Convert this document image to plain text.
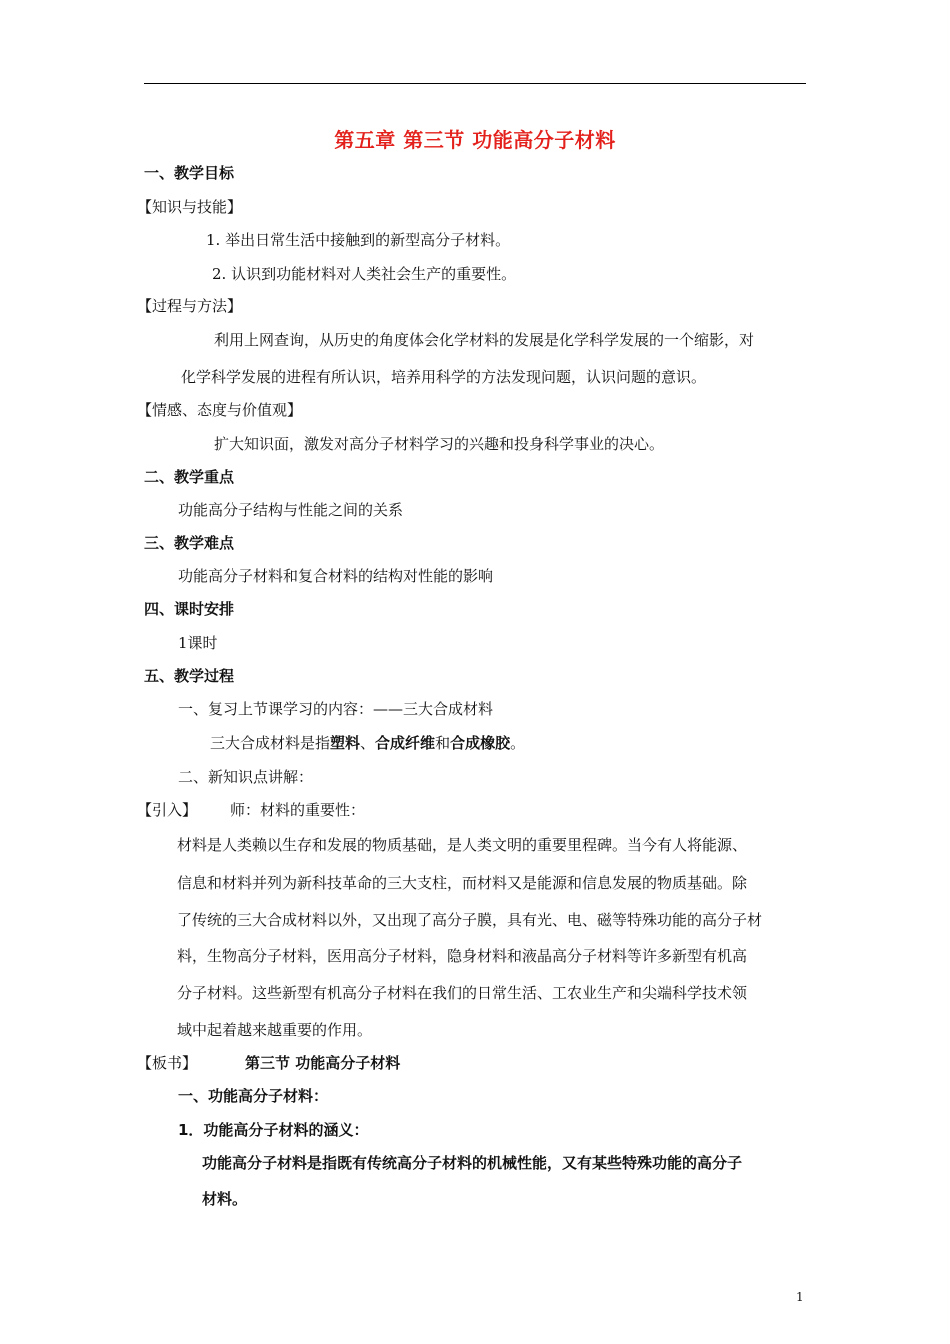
第五章 第三节 功能高分子材料
一、教学目标
【知识与技能】
1. 举出日常生活中接触到的新型高分子材料。
2. 认识到功能材料对人类社会生产的重要性。
【过程与方法】
利用上网查询，从历史的角度体会化学材料的发展是化学科学发展的一个缩影，对
化学科学发展的进程有所认识，培养用科学的方法发现问题，认识问题的意识。
【情感、态度与价值观】
扩大知识面，激发对高分子材料学习的兴趣和投身科学事业的决心。
二、教学重点
功能高分子结构与性能之间的关系
三、教学难点
功能高分子材料和复合材料的结构对性能的影响
四、课时安排
1课时
五、教学过程
一、复习上节课学习的内容：——三大合成材料
三大合成材料是指塑料、合成纤维和合成橡胶。
二、新知识点讲解：
【引入】 师：材料的重要性：
材料是人类赖以生存和发展的物质基础，是人类文明的重要里程碑。当今有人将能源、
信息和材料并列为新科技革命的三大支柱，而材料又是能源和信息发展的物质基础。除
了传统的三大合成材料以外，又出现了高分子膜，具有光、电、磁等特殊功能的高分子材
料，生物高分子材料，医用高分子材料，隐身材料和液晶高分子材料等许多新型有机高
分子材料。这些新型有机高分子材料在我们的日常生活、工农业生产和尖端科学技术领
域中起着越来越重要的作用。
【板书】	第三节 功能高分子材料
一、功能高分子材料：
1．功能高分子材料的涵义：
功能高分子材料是指既有传统高分子材料的机械性能，又有某些特殊功能的高分子
材料。
1
